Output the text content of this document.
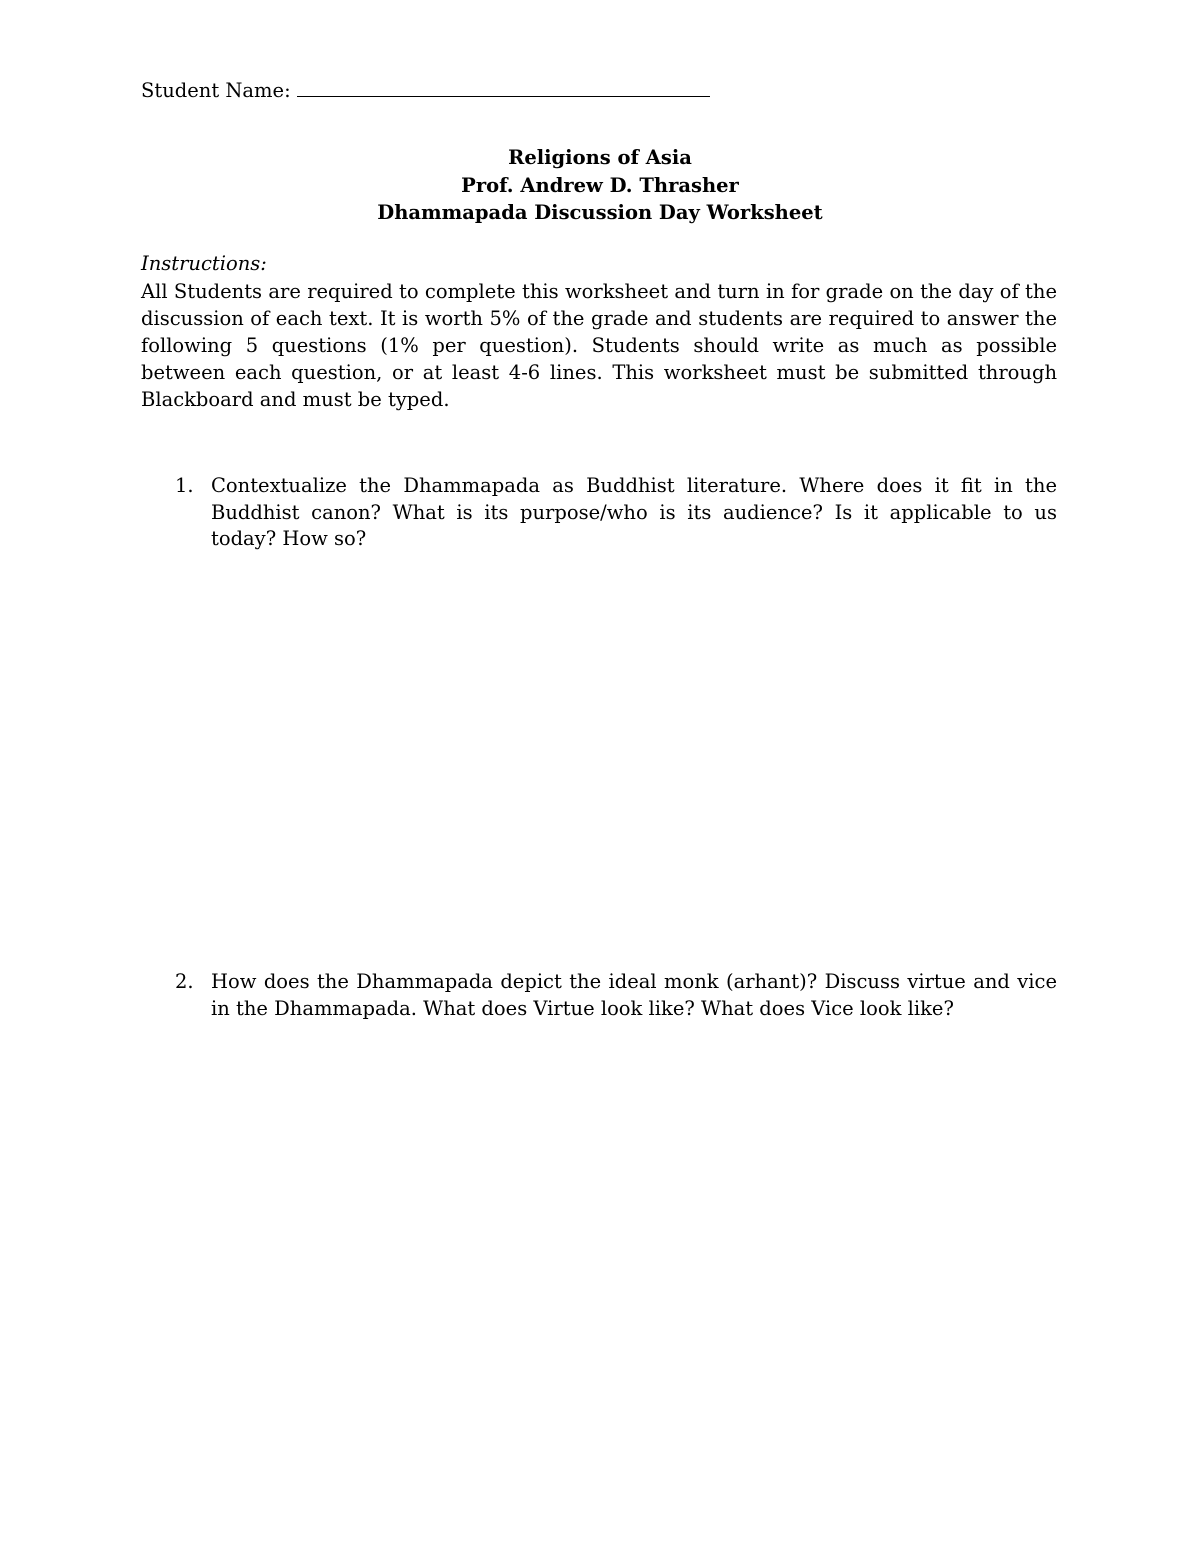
Student Name:
Religions of Asia
Prof. Andrew D. Thrasher
Dhammapada Discussion Day Worksheet
Instructions:
All Students are required to complete this worksheet and turn in for grade on the day of the discussion of each text. It is worth 5% of the grade and students are required to answer the following 5 questions (1% per question). Students should write as much as possible between each question, or at least 4-6 lines. This worksheet must be submitted through Blackboard and must be typed.
1. Contextualize the Dhammapada as Buddhist literature. Where does it fit in the Buddhist canon? What is its purpose/who is its audience? Is it applicable to us today? How so?
2. How does the Dhammapada depict the ideal monk (arhant)? Discuss virtue and vice in the Dhammapada. What does Virtue look like? What does Vice look like?
